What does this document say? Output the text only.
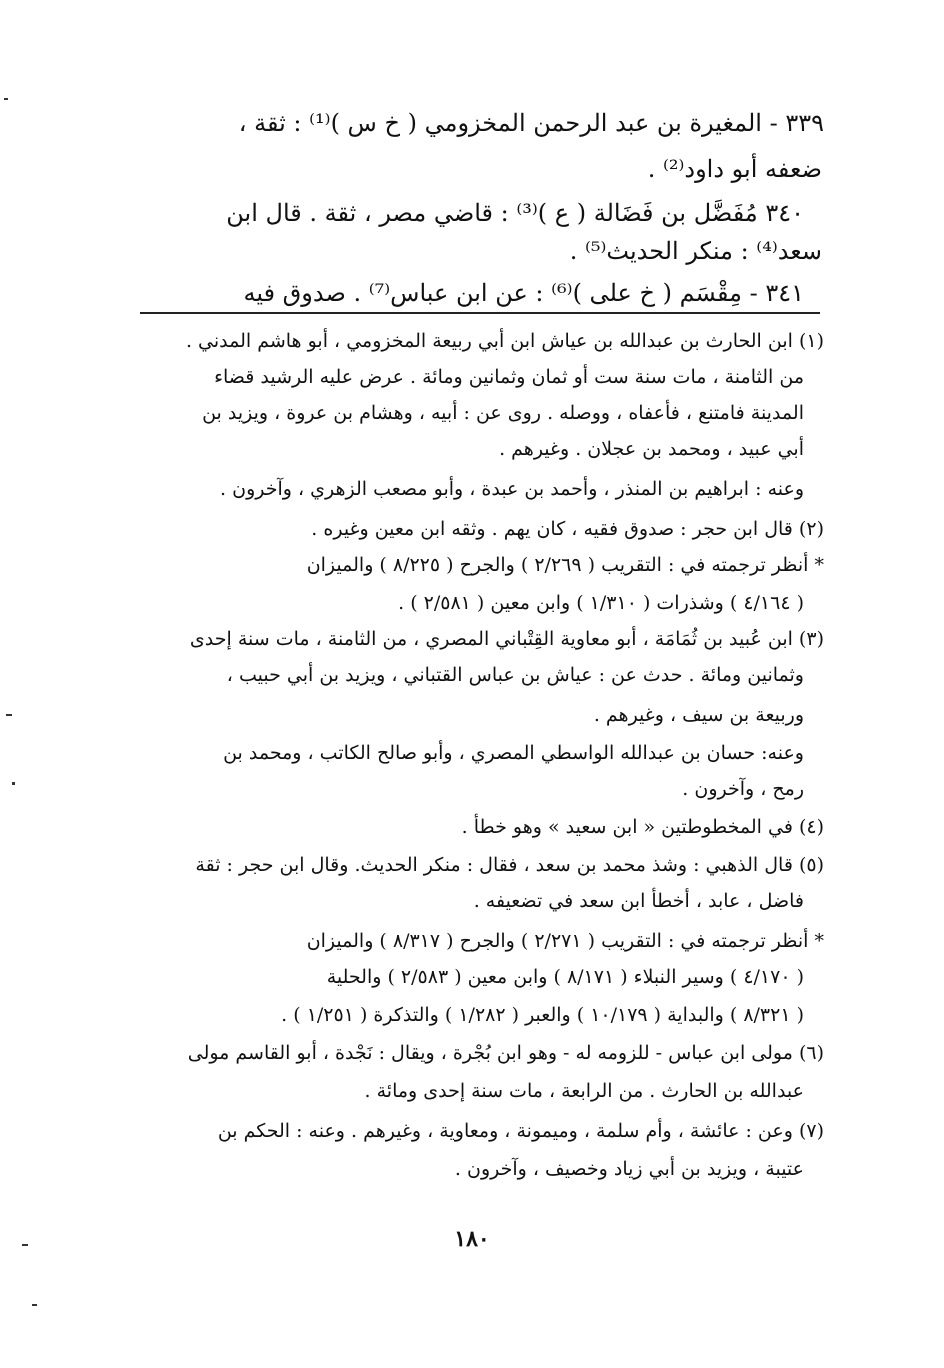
٣٣٩ - المغيرة بن عبد الرحمن المخزومي ( خ س )⁽¹⁾ : ثقة ،
ضعفه أبو داود⁽²⁾ .
٣٤٠ مُفَضَّل بن فَضَالة ( ع )⁽³⁾ : قاضي مصر ، ثقة . قال ابن
سعد⁽⁴⁾ : منكر الحديث⁽⁵⁾ .
٣٤١ - مِقْسَم ( خ على )⁽⁶⁾ : عن ابن عباس⁽⁷⁾ . صدوق فيه
(١) ابن الحارث بن عبدالله بن عياش ابن أبي ربيعة المخزومي ، أبو هاشم المدني .
من الثامنة ، مات سنة ست أو ثمان وثمانين ومائة . عرض عليه الرشيد قضاء
المدينة فامتنع ، فأعفاه ، ووصله . روى عن : أبيه ، وهشام بن عروة ، ويزيد بن
أبي عبيد ، ومحمد بن عجلان . وغيرهم .
وعنه : ابراهيم بن المنذر ، وأحمد بن عبدة ، وأبو مصعب الزهري ، وآخرون .
(٢) قال ابن حجر : صدوق فقيه ، كان يهم . وثقه ابن معين وغيره .
* أنظر ترجمته في : التقريب ( ٢/٢٦٩ ) والجرح ( ٨/٢٢٥ ) والميزان
( ٤/١٦٤ ) وشذرات ( ١/٣١٠ ) وابن معين ( ٢/٥٨١ ) .
(٣) ابن عُبيد بن ثُمَامَة ، أبو معاوية القِتْباني المصري ، من الثامنة ، مات سنة إحدى
وثمانين ومائة . حدث عن : عياش بن عباس القتباني ، ويزيد بن أبي حبيب ،
وربيعة بن سيف ، وغيرهم .
وعنه: حسان بن عبدالله الواسطي المصري ، وأبو صالح الكاتب ، ومحمد بن
رمح ، وآخرون .
(٤) في المخطوطتين « ابن سعيد » وهو خطأ .
(٥) قال الذهبي : وشذ محمد بن سعد ، فقال : منكر الحديث. وقال ابن حجر : ثقة
فاضل ، عابد ، أخطأ ابن سعد في تضعيفه .
* أنظر ترجمته في : التقريب ( ٢/٢٧١ ) والجرح ( ٨/٣١٧ ) والميزان
( ٤/١٧٠ ) وسير النبلاء ( ٨/١٧١ ) وابن معين ( ٢/٥٨٣ ) والحلية
( ٨/٣٢١ ) والبداية ( ١٠/١٧٩ ) والعبر ( ١/٢٨٢ ) والتذكرة ( ١/٢٥١ ) .
(٦) مولى ابن عباس - للزومه له - وهو ابن بُجْرة ، ويقال : نَجْدة ، أبو القاسم مولى
عبدالله بن الحارث . من الرابعة ، مات سنة إحدى ومائة .
(٧) وعن : عائشة ، وأم سلمة ، وميمونة ، ومعاوية ، وغيرهم . وعنه : الحكم بن
عتيبة ، ويزيد بن أبي زياد وخصيف ، وآخرون .
١٨٠
